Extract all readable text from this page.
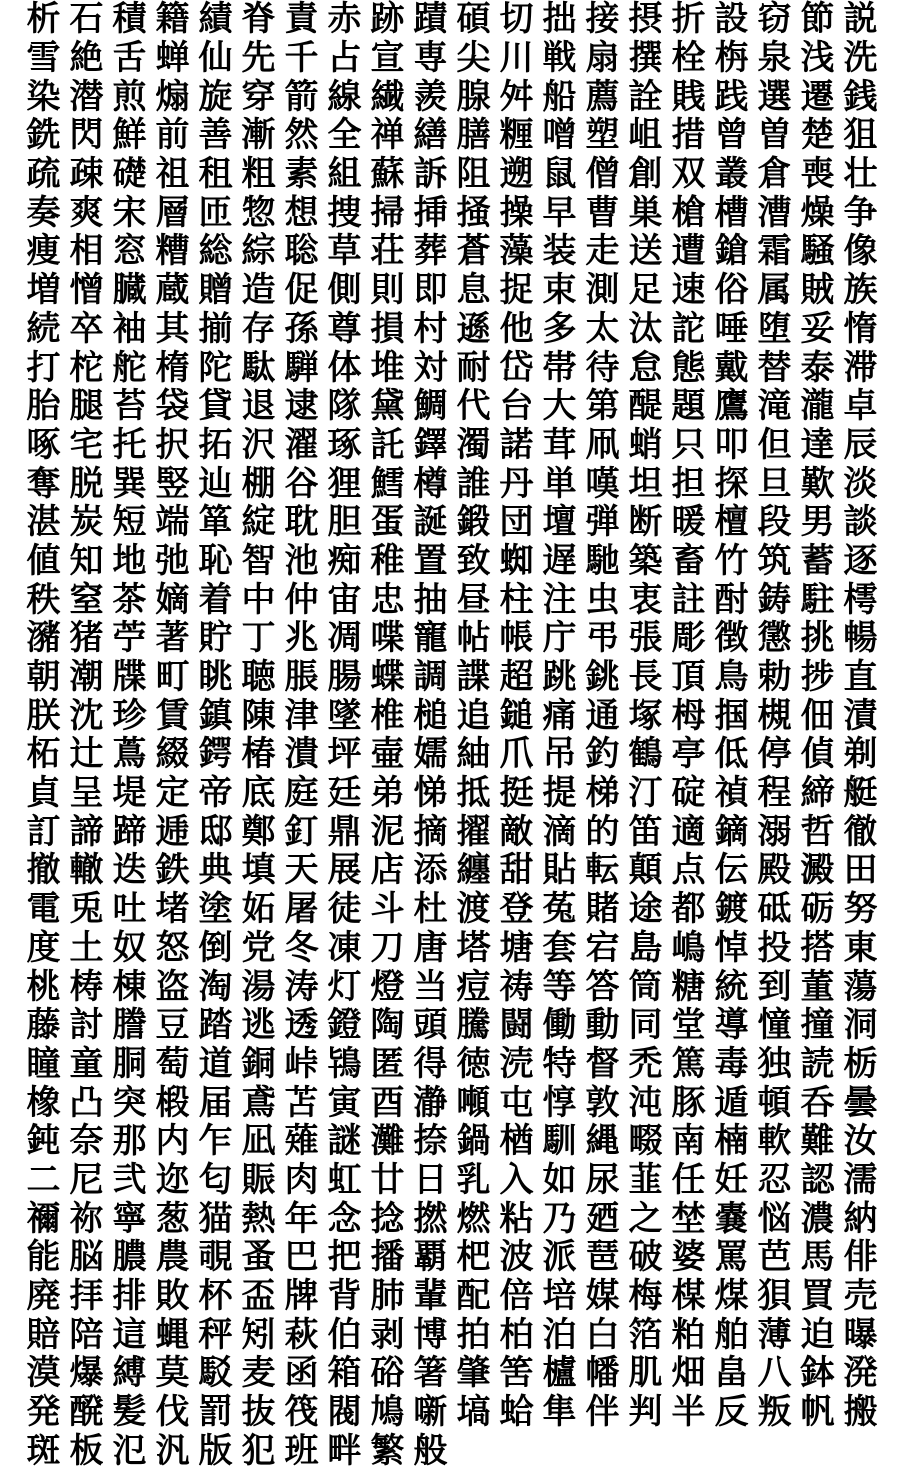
析 石 積 籍 績 脊 責 赤 跡 蹟 碩 切 拙 接 摂 折 設 窃 節 説
雪 絶 舌 蝉 仙 先 千 占 宣 専 尖 川 戦 扇 撰 栓 栴 泉 浅 洗
染 潜 煎 煽 旋 穿 箭 線 繊 羨 腺 舛 船 薦 詮 賎 践 選 遷 銭
銑 閃 鮮 前 善 漸 然 全 禅 繕 膳 糎 噌 塑 岨 措 曾 曽 楚 狙
疏 疎 礎 祖 租 粗 素 組 蘇 訴 阻 遡 鼠 僧 創 双 叢 倉 喪 壮
奏 爽 宋 層 匝 惣 想 捜 掃 挿 掻 操 早 曹 巣 槍 槽 漕 燥 争
痩 相 窓 糟 総 綜 聡 草 荘 葬 蒼 藻 装 走 送 遭 鎗 霜 騒 像
増 憎 臓 蔵 贈 造 促 側 則 即 息 捉 束 測 足 速 俗 属 賊 族
続 卒 袖 其 揃 存 孫 尊 損 村 遜 他 多 太 汰 詑 唾 堕 妥 惰
打 柁 舵 楕 陀 駄 騨 体 堆 対 耐 岱 帯 待 怠 態 戴 替 泰 滞
胎 腿 苔 袋 貸 退 逮 隊 黛 鯛 代 台 大 第 醍 題 鷹 滝 瀧 卓
啄 宅 托 択 拓 沢 濯 琢 託 鐸 濁 諾 茸 凧 蛸 只 叩 但 達 辰
奪 脱 巽 竪 辿 棚 谷 狸 鱈 樽 誰 丹 単 嘆 坦 担 探 旦 歎 淡
湛 炭 短 端 箪 綻 耽 胆 蛋 誕 鍛 団 壇 弾 断 暖 檀 段 男 談
値 知 地 弛 恥 智 池 痴 稚 置 致 蜘 遅 馳 築 畜 竹 筑 蓄 逐
秩 窒 茶 嫡 着 中 仲 宙 忠 抽 昼 柱 注 虫 衷 註 酎 鋳 駐 樗
瀦 猪 苧 著 貯 丁 兆 凋 喋 寵 帖 帳 庁 弔 張 彫 徴 懲 挑 暢
朝 潮 牒 町 眺 聴 脹 腸 蝶 調 諜 超 跳 銚 長 頂 鳥 勅 捗 直
朕 沈 珍 賃 鎮 陳 津 墜 椎 槌 追 鎚 痛 通 塚 栂 掴 槻 佃 漬
柘 辻 蔦 綴 鍔 椿 潰 坪 壷 嬬 紬 爪 吊 釣 鶴 亭 低 停 偵 剃
貞 呈 堤 定 帝 底 庭 廷 弟 悌 抵 挺 提 梯 汀 碇 禎 程 締 艇
訂 諦 蹄 逓 邸 鄭 釘 鼎 泥 摘 擢 敵 滴 的 笛 適 鏑 溺 哲 徹
撤 轍 迭 鉄 典 填 天 展 店 添 纏 甜 貼 転 顛 点 伝 殿 澱 田
電 兎 吐 堵 塗 妬 屠 徒 斗 杜 渡 登 菟 賭 途 都 鍍 砥 砺 努
度 土 奴 怒 倒 党 冬 凍 刀 唐 塔 塘 套 宕 島 嶋 悼 投 搭 東
桃 梼 棟 盗 淘 湯 涛 灯 燈 当 痘 祷 等 答 筒 糖 統 到 董 蕩
藤 討 謄 豆 踏 逃 透 鐙 陶 頭 騰 闘 働 動 同 堂 導 憧 撞 洞
瞳 童 胴 萄 道 銅 峠 鴇 匿 得 徳 涜 特 督 禿 篤 毒 独 読 栃
橡 凸 突 椴 届 鳶 苫 寅 酉 瀞 噸 屯 惇 敦 沌 豚 遁 頓 呑 曇
鈍 奈 那 内 乍 凪 薙 謎 灘 捺 鍋 楢 馴 縄 畷 南 楠 軟 難 汝
二 尼 弐 迩 匂 賑 肉 虹 廿 日 乳 入 如 尿 韮 任 妊 忍 認 濡
禰 祢 寧 葱 猫 熱 年 念 捻 撚 燃 粘 乃 廼 之 埜 嚢 悩 濃 納
能 脳 膿 農 覗 蚤 巴 把 播 覇 杷 波 派 琶 破 婆 罵 芭 馬 俳
廃 拝 排 敗 杯 盃 牌 背 肺 輩 配 倍 培 媒 梅 楳 煤 狽 買 売
賠 陪 這 蝿 秤 矧 萩 伯 剥 博 拍 柏 泊 白 箔 粕 舶 薄 迫 曝
漠 爆 縛 莫 駁 麦 函 箱 硲 箸 肇 筈 櫨 幡 肌 畑 畠 八 鉢 溌
発 醗 髪 伐 罰 抜 筏 閥 鳩 噺 塙 蛤 隼 伴 判 半 反 叛 帆 搬
斑 板 氾 汎 版 犯 班 畔 繁 般
